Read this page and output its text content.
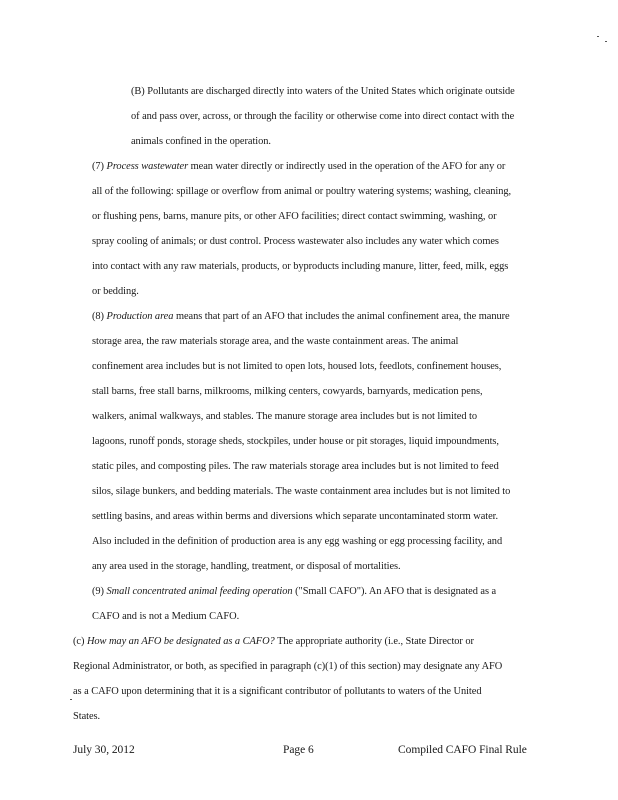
(B) Pollutants are discharged directly into waters of the United States which originate outside
of and pass over, across, or through the facility or otherwise come into direct contact with the
animals confined in the operation.
(7) Process wastewater mean water directly or indirectly used in the operation of the AFO for any or
all of the following: spillage or overflow from animal or poultry watering systems; washing, cleaning,
or flushing pens, barns, manure pits, or other AFO facilities; direct contact swimming, washing, or
spray cooling of animals; or dust control. Process wastewater also includes any water which comes
into contact with any raw materials, products, or byproducts including manure, litter, feed, milk, eggs
or bedding.
(8) Production area means that part of an AFO that includes the animal confinement area, the manure
storage area, the raw materials storage area, and the waste containment areas. The animal
confinement area includes but is not limited to open lots, housed lots, feedlots, confinement houses,
stall barns, free stall barns, milkrooms, milking centers, cowyards, barnyards, medication pens,
walkers, animal walkways, and stables. The manure storage area includes but is not limited to
lagoons, runoff ponds, storage sheds, stockpiles, under house or pit storages, liquid impoundments,
static piles, and composting piles. The raw materials storage area includes but is not limited to feed
silos, silage bunkers, and bedding materials. The waste containment area includes but is not limited to
settling basins, and areas within berms and diversions which separate uncontaminated storm water.
Also included in the definition of production area is any egg washing or egg processing facility, and
any area used in the storage, handling, treatment, or disposal of mortalities.
(9) Small concentrated animal feeding operation ("Small CAFO"). An AFO that is designated as a
CAFO and is not a Medium CAFO.
(c) How may an AFO be designated as a CAFO? The appropriate authority (i.e., State Director or
Regional Administrator, or both, as specified in paragraph (c)(1) of this section) may designate any AFO
as a CAFO upon determining that it is a significant contributor of pollutants to waters of the United
States.
July 30, 2012	Page 6	Compiled CAFO Final Rule
